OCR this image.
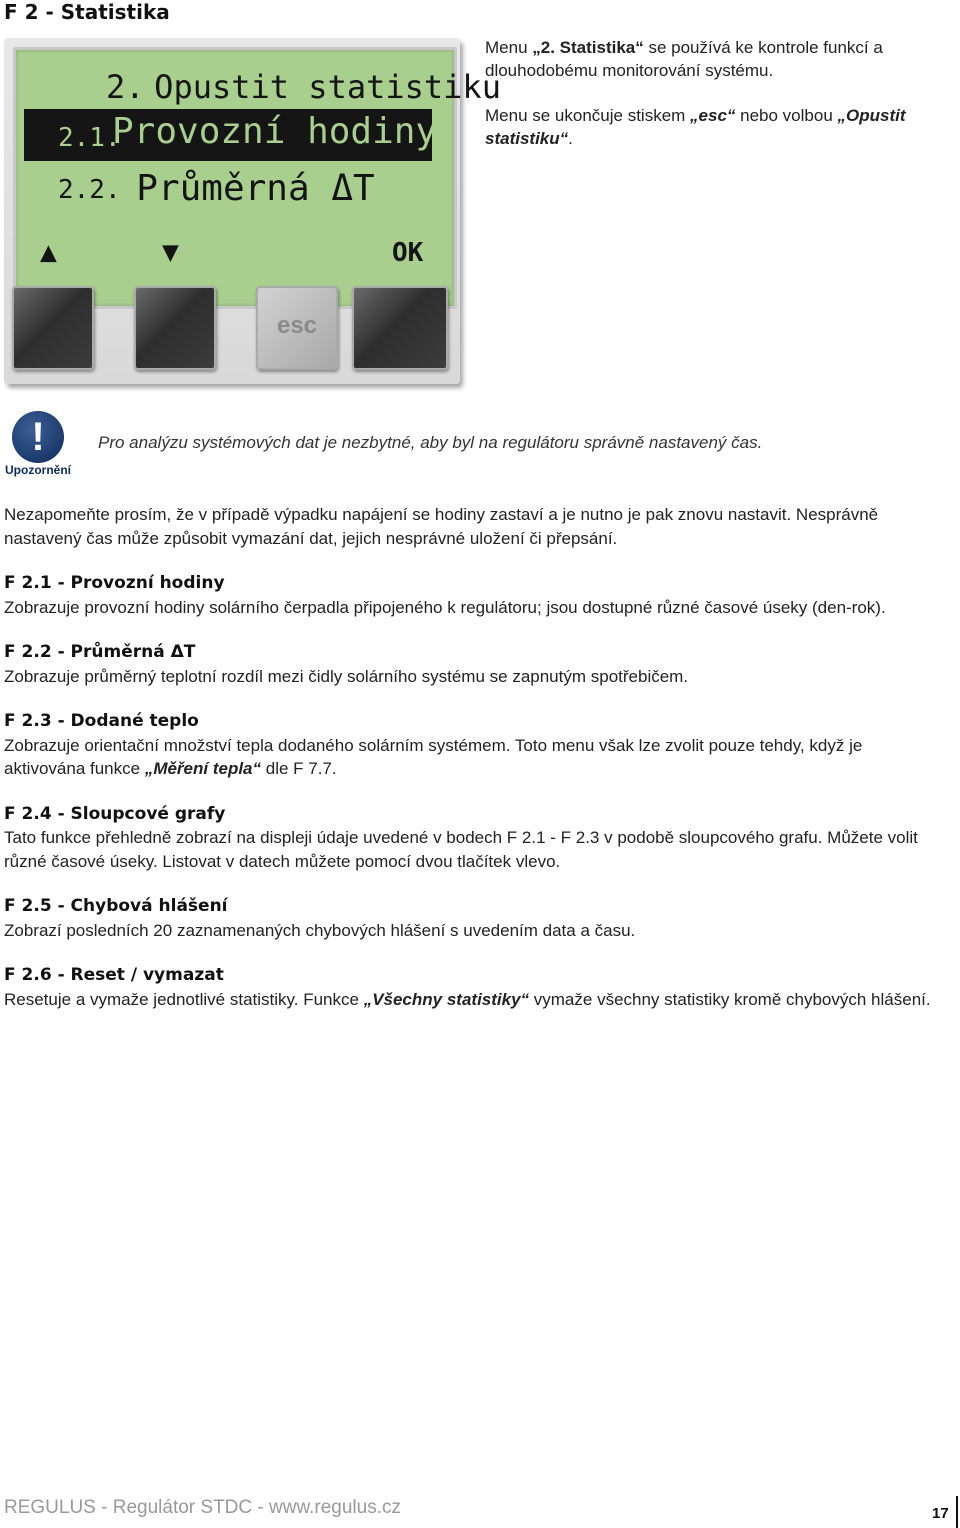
F 2 - Statistika
2. Opustit statistiku
2.1.
Provozní hodiny
2.2. Průměrná ΔT
▲	▼	OK
esc

Menu „2. Statistika“ se používá ke kontrole funkcí a dlouhodobému monitorování systému.

Menu se ukončuje stiskem „esc“ nebo volbou „Opustit statistiku“.

!
Upozornění
Pro analýzu systémových dat je nezbytné, aby byl na regulátoru správně nastavený čas.

Nezapomeňte prosím, že v případě výpadku napájení se hodiny zastaví a je nutno je pak znovu nastavit. Nesprávně nastavený čas může způsobit vymazání dat, jejich nesprávné uložení či přepsání.

F 2.1 - Provozní hodiny

Zobrazuje provozní hodiny solárního čerpadla připojeného k regulátoru; jsou dostupné různé časové úseky (den-rok).

F 2.2 - Průměrná ΔT

Zobrazuje průměrný teplotní rozdíl mezi čidly solárního systému se zapnutým spotřebičem.

F 2.3 - Dodané teplo

Zobrazuje orientační množství tepla dodaného solárním systémem. Toto menu však lze zvolit pouze tehdy, když je aktivována funkce „Měření tepla“ dle F 7.7.

F 2.4 - Sloupcové grafy

Tato funkce přehledně zobrazí na displeji údaje uvedené v bodech F 2.1 - F 2.3 v podobě sloupcového grafu. Můžete volit různé časové úseky. Listovat v datech můžete pomocí dvou tlačítek vlevo.

F 2.5 - Chybová hlášení

Zobrazí posledních 20 zaznamenaných chybových hlášení s uvedením data a času.

F 2.6 - Reset / vymazat

Resetuje a vymaže jednotlivé statistiky. Funkce „Všechny statistiky“ vymaže všechny statistiky kromě chybových hlášení.

REGULUS - Regulátor STDC - www.regulus.cz	17
